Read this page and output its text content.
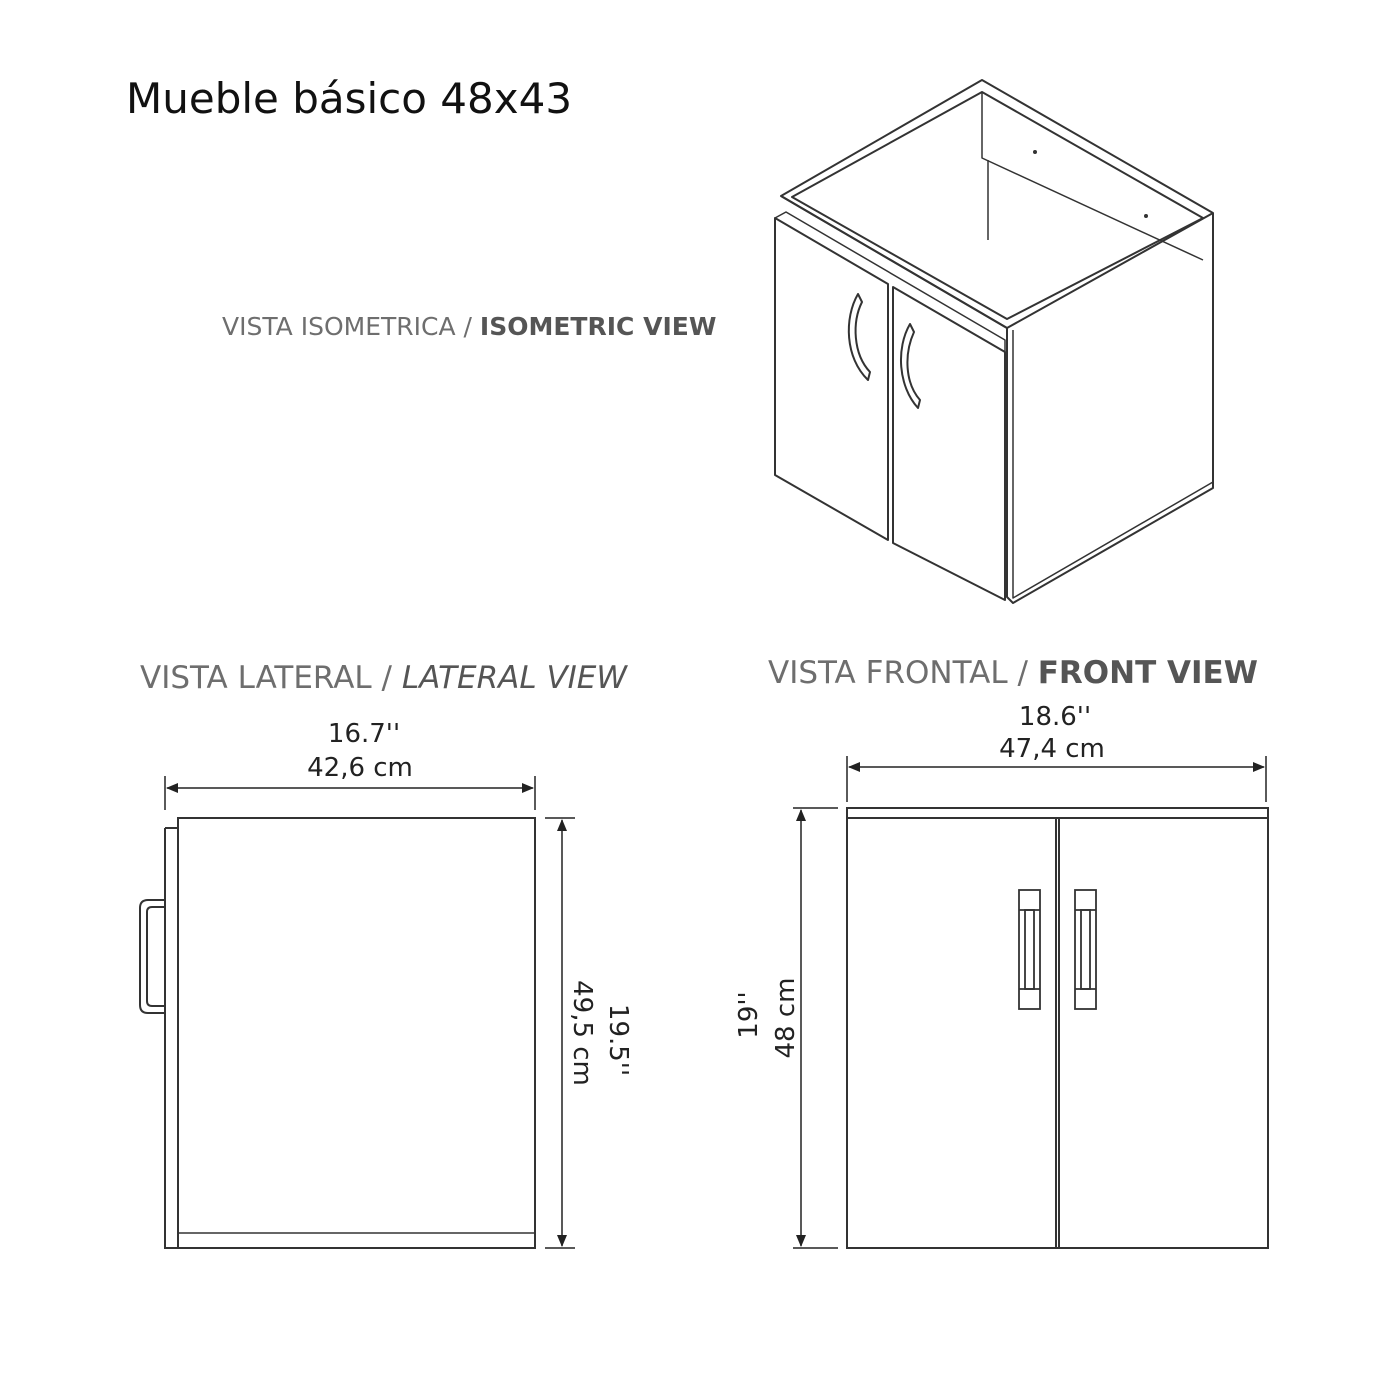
Mueble básico 48x43
VISTA ISOMETRICA / ISOMETRIC VIEW
VISTA LATERAL / LATERAL VIEW	VISTA FRONTAL / FRONT VIEW
16.7''
42,6 cm
19.5''
49,5 cm
18.6''
47,4 cm
19'' 48 cm
